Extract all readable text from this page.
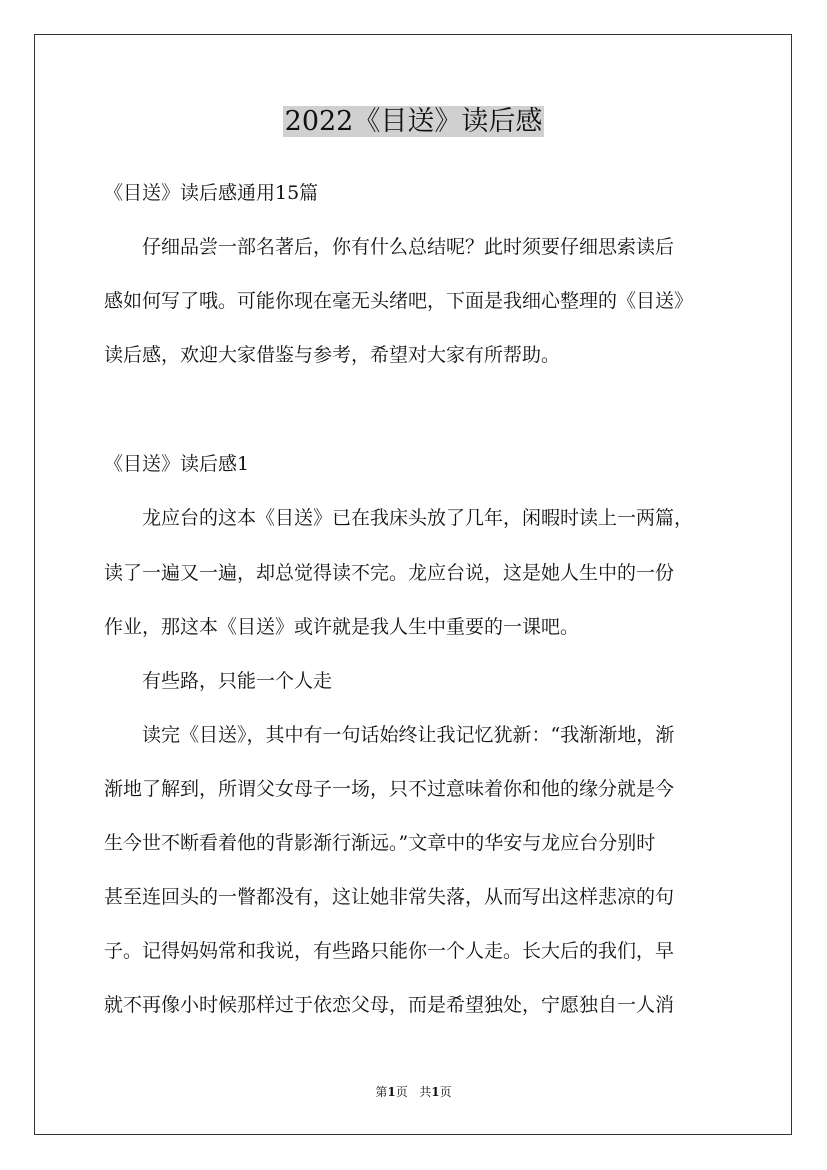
2022《目送》读后感
《目送》读后感通用15篇
仔细品尝一部名著后，你有什么总结呢？此时须要仔细思索读后
感如何写了哦。可能你现在毫无头绪吧，下面是我细心整理的《目送》
读后感，欢迎大家借鉴与参考，希望对大家有所帮助。
《目送》读后感1
龙应台的这本《目送》已在我床头放了几年，闲暇时读上一两篇，
读了一遍又一遍，却总觉得读不完。龙应台说，这是她人生中的一份
作业，那这本《目送》或许就是我人生中重要的一课吧。
有些路，只能一个人走
读完《目送》，其中有一句话始终让我记忆犹新：“我渐渐地，渐
渐地了解到，所谓父女母子一场，只不过意味着你和他的缘分就是今
生今世不断看着他的背影渐行渐远。”文章中的华安与龙应台分别时
甚至连回头的一瞥都没有，这让她非常失落，从而写出这样悲凉的句
子。记得妈妈常和我说，有些路只能你一个人走。长大后的我们，早
就不再像小时候那样过于依恋父母，而是希望独处，宁愿独自一人消
第1页 共1页
